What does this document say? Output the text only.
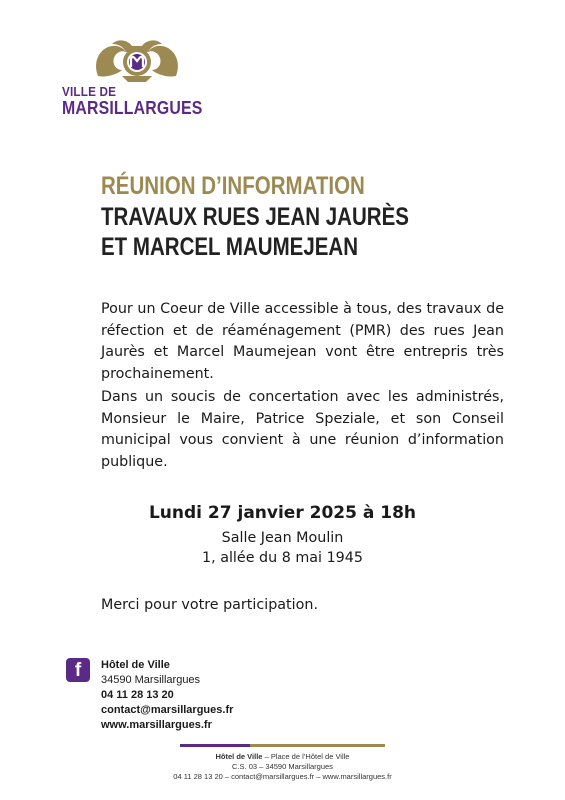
VILLE DE
MARSILLARGUES
RÉUNION D’INFORMATION
TRAVAUX RUES JEAN JAURÈS
ET MARCEL MAUMEJEAN
Pour un Coeur de Ville accessible à tous, des travaux de réfection et de réaménagement (PMR) des rues Jean Jaurès et Marcel Maumejean vont être entrepris très prochainement.
Dans un soucis de concertation avec les administrés, Monsieur le Maire, Patrice Speziale, et son Conseil municipal vous convient à une réunion d’information publique.
Lundi 27 janvier 2025 à 18h
Salle Jean Moulin
1, allée du 8 mai 1945
Merci pour votre participation.
f	Hôtel de Ville
34590 Marsillargues
04 11 28 13 20
contact@marsillargues.fr
www.marsillargues.fr
Hôtel de Ville – Place de l’Hôtel de Ville
C.S. 03 – 34590 Marsillargues
04 11 28 13 20 – contact@marsillargues.fr – www.marsillargues.fr
